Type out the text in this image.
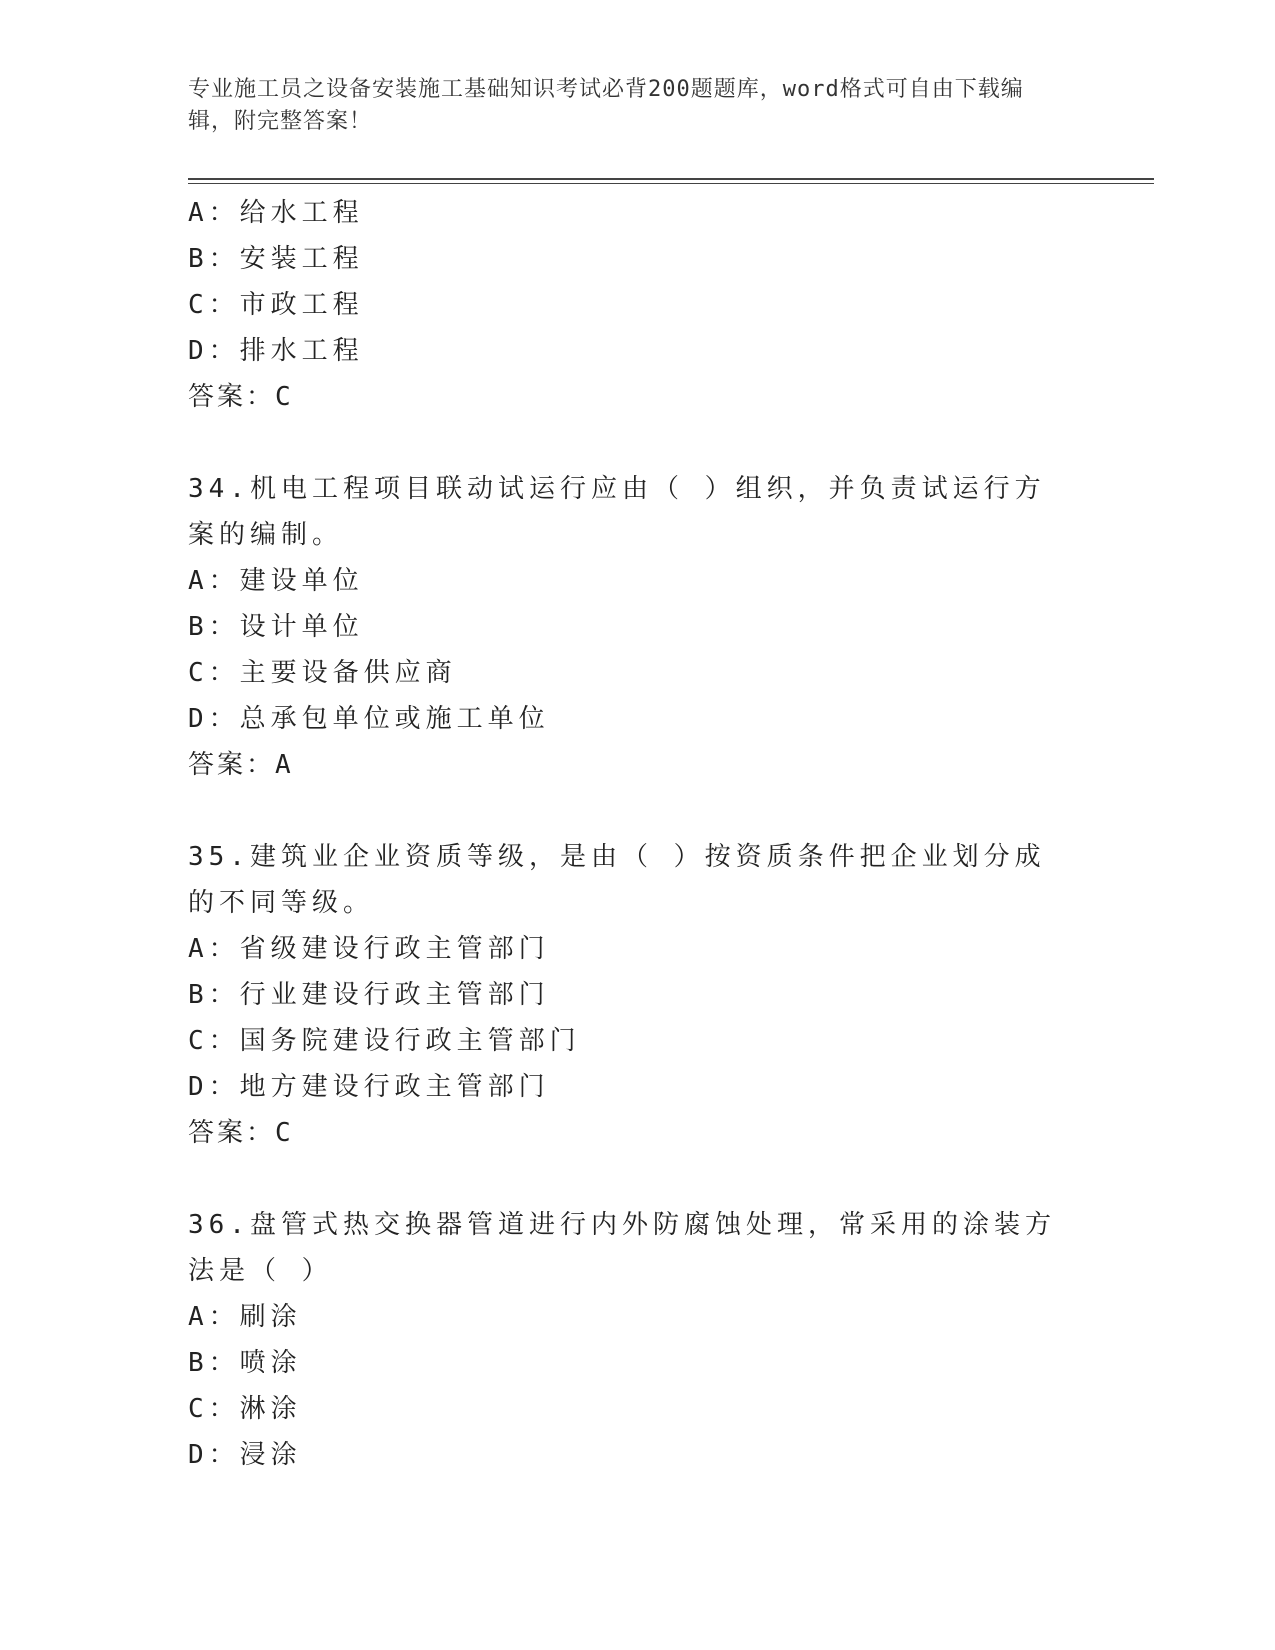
专业施工员之设备安装施工基础知识考试必背200题题库，word格式可自由下载编辑，附完整答案！
A：给水工程
B：安装工程
C：市政工程
D：排水工程
答案：C
34.机电工程项目联动试运行应由（ ）组织，并负责试运行方案的编制。
A：建设单位
B：设计单位
C：主要设备供应商
D：总承包单位或施工单位
答案：A
35.建筑业企业资质等级，是由（ ）按资质条件把企业划分成的不同等级。
A：省级建设行政主管部门
B：行业建设行政主管部门
C：国务院建设行政主管部门
D：地方建设行政主管部门
答案：C
36.盘管式热交换器管道进行内外防腐蚀处理，常采用的涂装方法是（ ）
A：刷涂
B：喷涂
C：淋涂
D：浸涂
